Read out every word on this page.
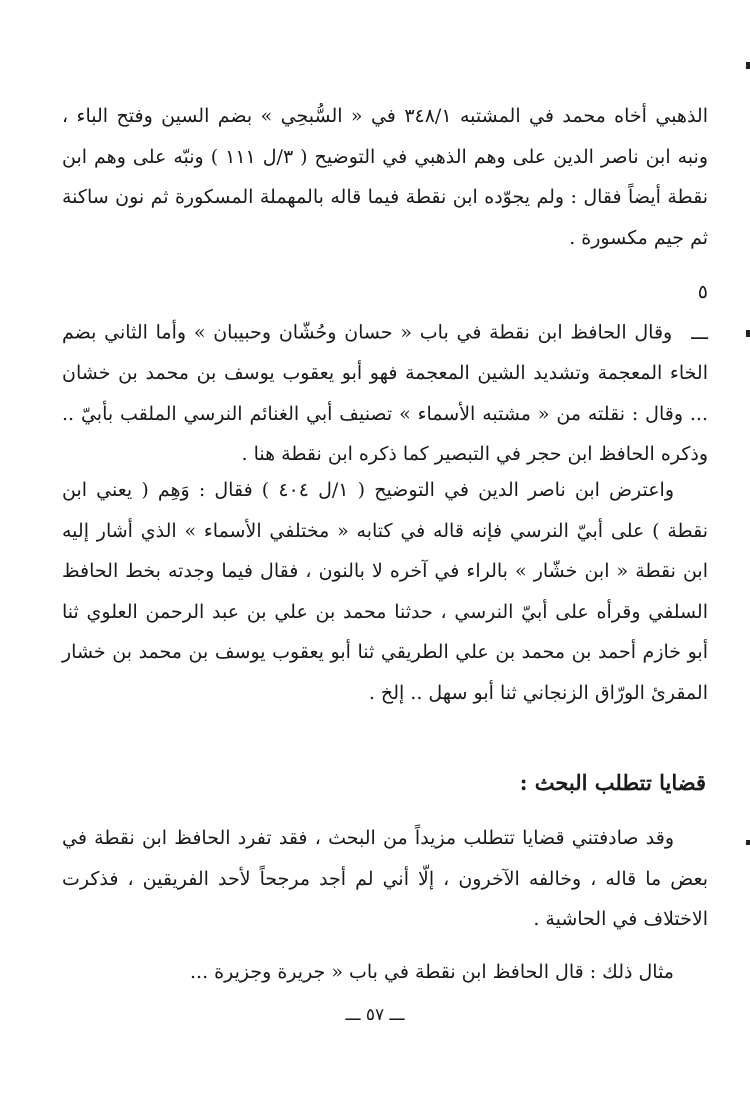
الذهبي أخاه محمد في المشتبه ٣٤٨/١ في « السُّبحِي » بضم السين وفتح الباء ، ونبه ابن ناصر الدين على وهم الذهبي في التوضيح ( ٣/ل ١١١ ) ونبّه على وهم ابن نقطة أيضاً فقال : ولم يجوّده ابن نقطة فيما قاله بالمهملة المسكورة ثم نون ساكنة ثم جيم مكسورة .

٥ ـــ وقال الحافظ ابن نقطة في باب « حسان وحُشّان وحبيبان » وأما الثاني بضم الخاء المعجمة وتشديد الشين المعجمة فهو أبو يعقوب يوسف بن محمد بن خشان ... وقال : نقلته من « مشتبه الأسماء » تصنيف أبي الغنائم النرسي الملقب بأبيّ .. وذكره الحافظ ابن حجر في التبصير كما ذكره ابن نقطة هنا .

واعترض ابن ناصر الدين في التوضيح ( ١/ل ٤٠٤ ) فقال : وَهِم ( يعني ابن نقطة ) على أبيّ النرسي فإنه قاله في كتابه « مختلفي الأسماء » الذي أشار إليه ابن نقطة « ابن خشّار » بالراء في آخره لا بالنون ، فقال فيما وجدته بخط الحافظ السلفي وقرأه على أبيّ النرسي ، حدثنا محمد بن علي بن عبد الرحمن العلوي ثنا أبو خازم أحمد بن محمد بن علي الطريقي ثنا أبو يعقوب يوسف بن محمد بن خشار المقرئ الورّاق الزنجاني ثنا أبو سهل .. إلخ .

قضايا تتطلب البحث :

وقد صادفتني قضايا تتطلب مزيداً من البحث ، فقد تفرد الحافظ ابن نقطة في بعض ما قاله ، وخالفه الآخرون ، إلّا أني لم أجد مرجحاً لأحد الفريقين ، فذكرت الاختلاف في الحاشية .

مثال ذلك : قال الحافظ ابن نقطة في باب « جريرة وجزيرة ...

ـــ ٥٧ ـــ
